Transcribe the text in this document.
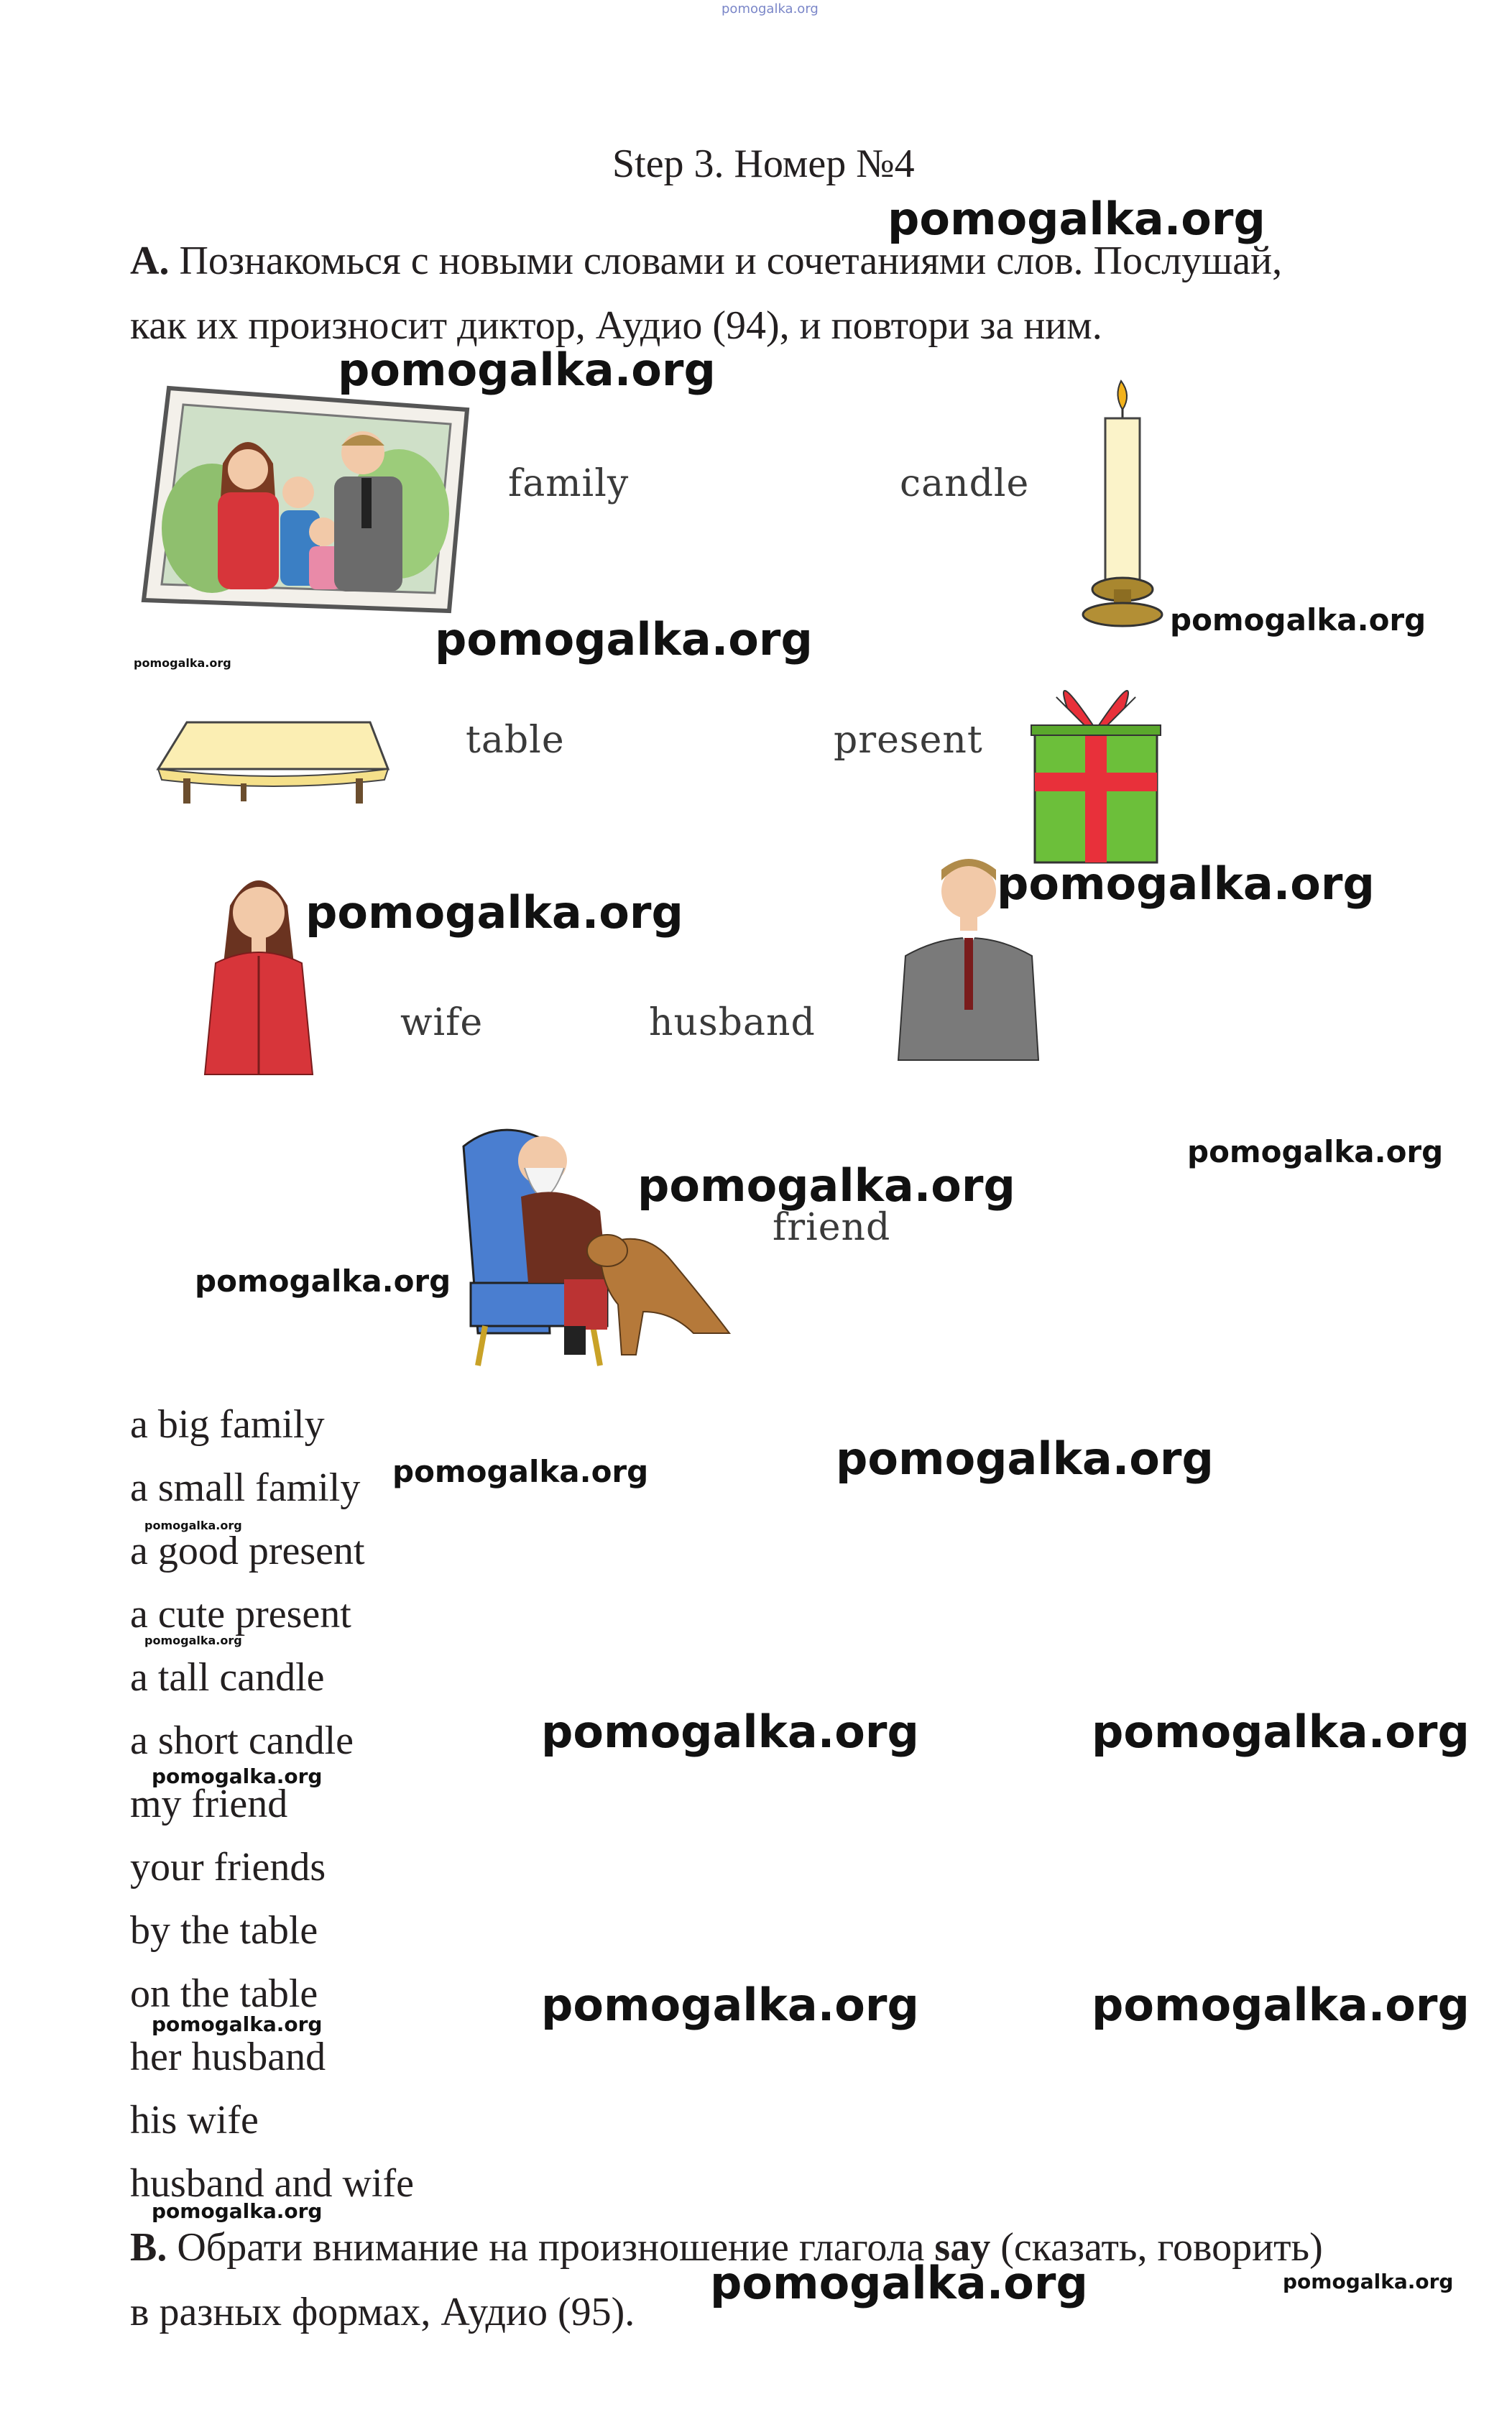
pomogalka.org
Step 3. Номер №4
A. Познакомься с новыми словами и сочетаниями слов. Послушай,
как их произносит диктор, Аудио (94), и повтори за ним.
family	candle
table	present
wife	husband
friend
a big family
a small family
a good present
a cute present
a tall candle
a short candle
my friend
your friends
by the table
on the table
her husband
his wife
husband and wife
B. Обрати внимание на произношение глагола say (сказать, говорить)
в разных формах, Аудио (95).
pomogalka.org
pomogalka.org
pomogalka.org	pomogalka.org	pomogalka.org
pomogalka.org
pomogalka.org
pomogalka.org
pomogalka.org
pomogalka.org
pomogalka.org	pomogalka.org
pomogalka.org
pomogalka.org
pomogalka.org	pomogalka.org
pomogalka.org
pomogalka.org	pomogalka.org
pomogalka.org
pomogalka.org
pomogalka.org	pomogalka.org
